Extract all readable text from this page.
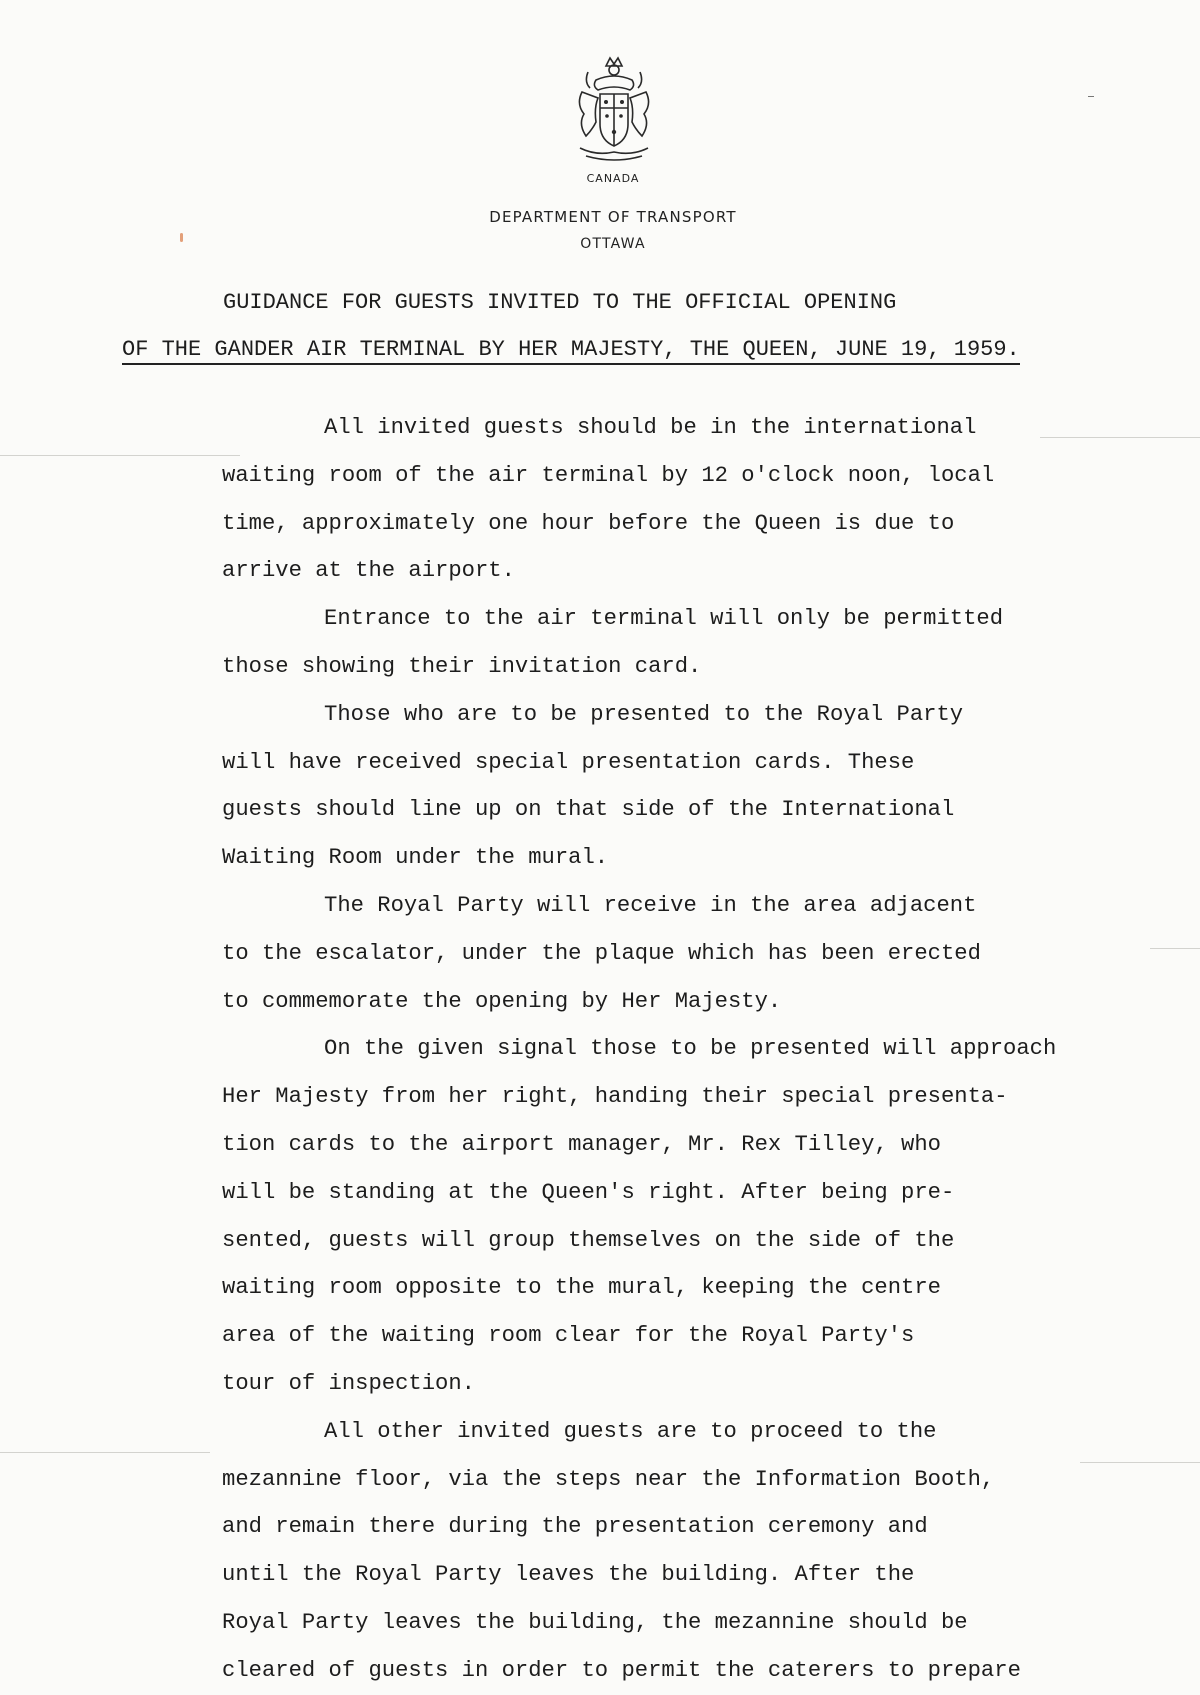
CANADA
DEPARTMENT OF TRANSPORT
OTTAWA
GUIDANCE FOR GUESTS INVITED TO THE OFFICIAL OPENING
OF THE GANDER AIR TERMINAL BY HER MAJESTY, THE QUEEN, JUNE 19, 1959.
All invited guests should be in the international
waiting room of the air terminal by 12 o'clock noon, local
time, approximately one hour before the Queen is due to
arrive at the airport.
Entrance to the air terminal will only be permitted
those showing their invitation card.
Those who are to be presented to the Royal Party
will have received special presentation cards. These
guests should line up on that side of the International
Waiting Room under the mural.
The Royal Party will receive in the area adjacent
to the escalator, under the plaque which has been erected
to commemorate the opening by Her Majesty.
On the given signal those to be presented will approach
Her Majesty from her right, handing their special presenta-
tion cards to the airport manager, Mr. Rex Tilley, who
will be standing at the Queen's right. After being pre-
sented, guests will group themselves on the side of the
waiting room opposite to the mural, keeping the centre
area of the waiting room clear for the Royal Party's
tour of inspection.
All other invited guests are to proceed to the
mezannine floor, via the steps near the Information Booth,
and remain there during the presentation ceremony and
until the Royal Party leaves the building. After the
Royal Party leaves the building, the mezannine should be
cleared of guests in order to permit the caterers to prepare
